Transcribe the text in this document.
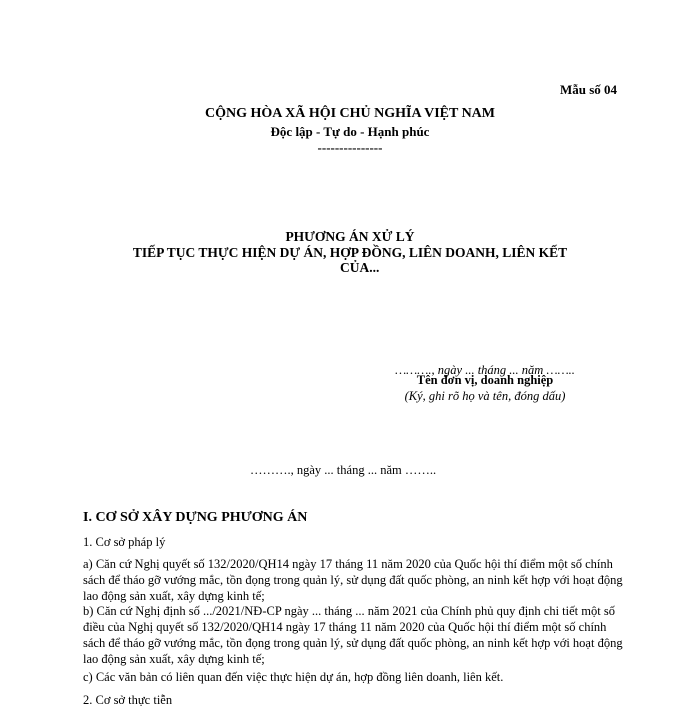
Mẫu số 04
CỘNG HÒA XÃ HỘI CHỦ NGHĨA VIỆT NAM
Độc lập - Tự do - Hạnh phúc
---------------
PHƯƠNG ÁN XỬ LÝ
TIẾP TỤC THỰC HIỆN DỰ ÁN, HỢP ĐỒNG, LIÊN DOANH, LIÊN KẾT
CỦA...
………., ngày ... tháng ... năm ……..
Tên đơn vị, doanh nghiệp
(Ký, ghi rõ họ và tên, đóng dấu)
………., ngày ... tháng ... năm ……..
I. CƠ SỞ XÂY DỰNG PHƯƠNG ÁN
1. Cơ sở pháp lý
a) Căn cứ Nghị quyết số 132/2020/QH14 ngày 17 tháng 11 năm 2020 của Quốc hội thí điểm một số chính sách để tháo gỡ vướng mắc, tồn đọng trong quản lý, sử dụng đất quốc phòng, an ninh kết hợp với hoạt động lao động sản xuất, xây dựng kinh tế;
b) Căn cứ Nghị định số .../2021/NĐ-CP ngày ... tháng ... năm 2021 của Chính phủ quy định chi tiết một số điều của Nghị quyết số 132/2020/QH14 ngày 17 tháng 11 năm 2020 của Quốc hội thí điểm một số chính sách để tháo gỡ vướng mắc, tồn đọng trong quản lý, sử dụng đất quốc phòng, an ninh kết hợp với hoạt động lao động sản xuất, xây dựng kinh tế;
c) Các văn bản có liên quan đến việc thực hiện dự án, hợp đồng liên doanh, liên kết.
2. Cơ sở thực tiễn
